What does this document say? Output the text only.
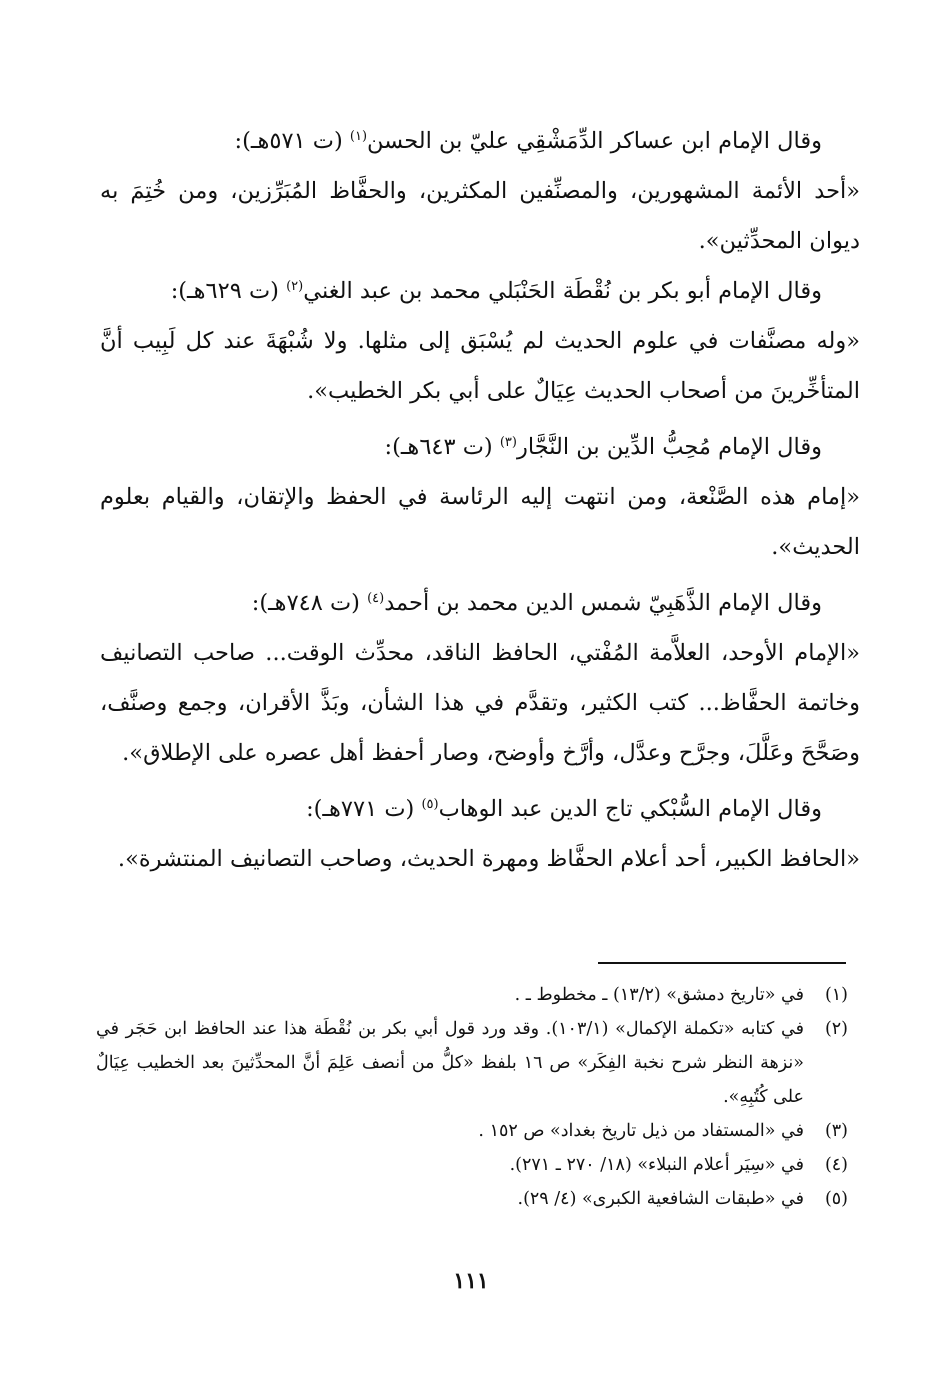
وقال الإمام ابن عساكر الدِّمَشْقِي عليّ بن الحسن$^{(١)}$ (ت ٥٧١هـ):

«أحد الأئمة المشهورين، والمصنِّفين المكثرين، والحفَّاظ المُبَرِّزين، ومن خُتِمَ به ديوان المحدِّثين».

وقال الإمام أبو بكر بن نُقْطَة الحَنْبَلي محمد بن عبد الغني$^{(٢)}$ (ت ٦٢٩هـ):

«وله مصنَّفات في علوم الحديث لم يُسْبَق إلى مثلها. ولا شُبْهَةَ عند كل لَبِيب أنَّ المتأخِّرينَ من أصحاب الحديث عِيَالٌ على أبي بكر الخطيب».

وقال الإمام مُحِبُّ الدِّين بن النَّجَّار$^{(٣)}$ (ت ٦٤٣هـ):

«إمام هذه الصَّنْعة، ومن انتهت إليه الرئاسة في الحفظ والإتقان، والقيام بعلوم الحديث».

وقال الإمام الذَّهَبِيّ شمس الدين محمد بن أحمد$^{(٤)}$ (ت ٧٤٨هـ):

«الإمام الأوحد، العلاَّمة المُفْتي، الحافظ الناقد، محدِّث الوقت... صاحب التصانيف وخاتمة الحفَّاظ... كتب الكثير، وتقدَّم في هذا الشأن، وبَذَّ الأقران، وجمع وصنَّف، وصَحَّحَ وعَلَّلَ، وجرَّح وعدَّل، وأرَّخ وأوضح، وصار أحفظ أهل عصره على الإطلاق».

وقال الإمام السُّبْكي تاج الدين عبد الوهاب$^{(٥)}$ (ت ٧٧١هـ):

«الحافظ الكبير، أحد أعلام الحفَّاظ ومهرة الحديث، وصاحب التصانيف المنتشرة».

(١)
في «تاريخ دمشق» (١٣/٢) ـ مخطوط ـ .
(٢)
في كتابه «تكملة الإكمال» (١٠٣/١). وقد ورد قول أبي بكر بن نُقْطَة هذا عند الحافظ ابن حَجَر في «نزهة النظر شرح نخبة الفِكَر» ص ١٦ بلفظ «كلُّ من أنصف عَلِمَ أنَّ المحدِّثينَ بعد الخطيب عِيَالٌ على كُتُبِهِ».
(٣)
في «المستفاد من ذيل تاريخ بغداد» ص ١٥٢ .
(٤)
في «سِيَر أعلام النبلاء» (١٨/ ٢٧٠ ـ ٢٧١).
(٥)
في «طبقات الشافعية الكبرى» (٤/ ٢٩).
١١١
